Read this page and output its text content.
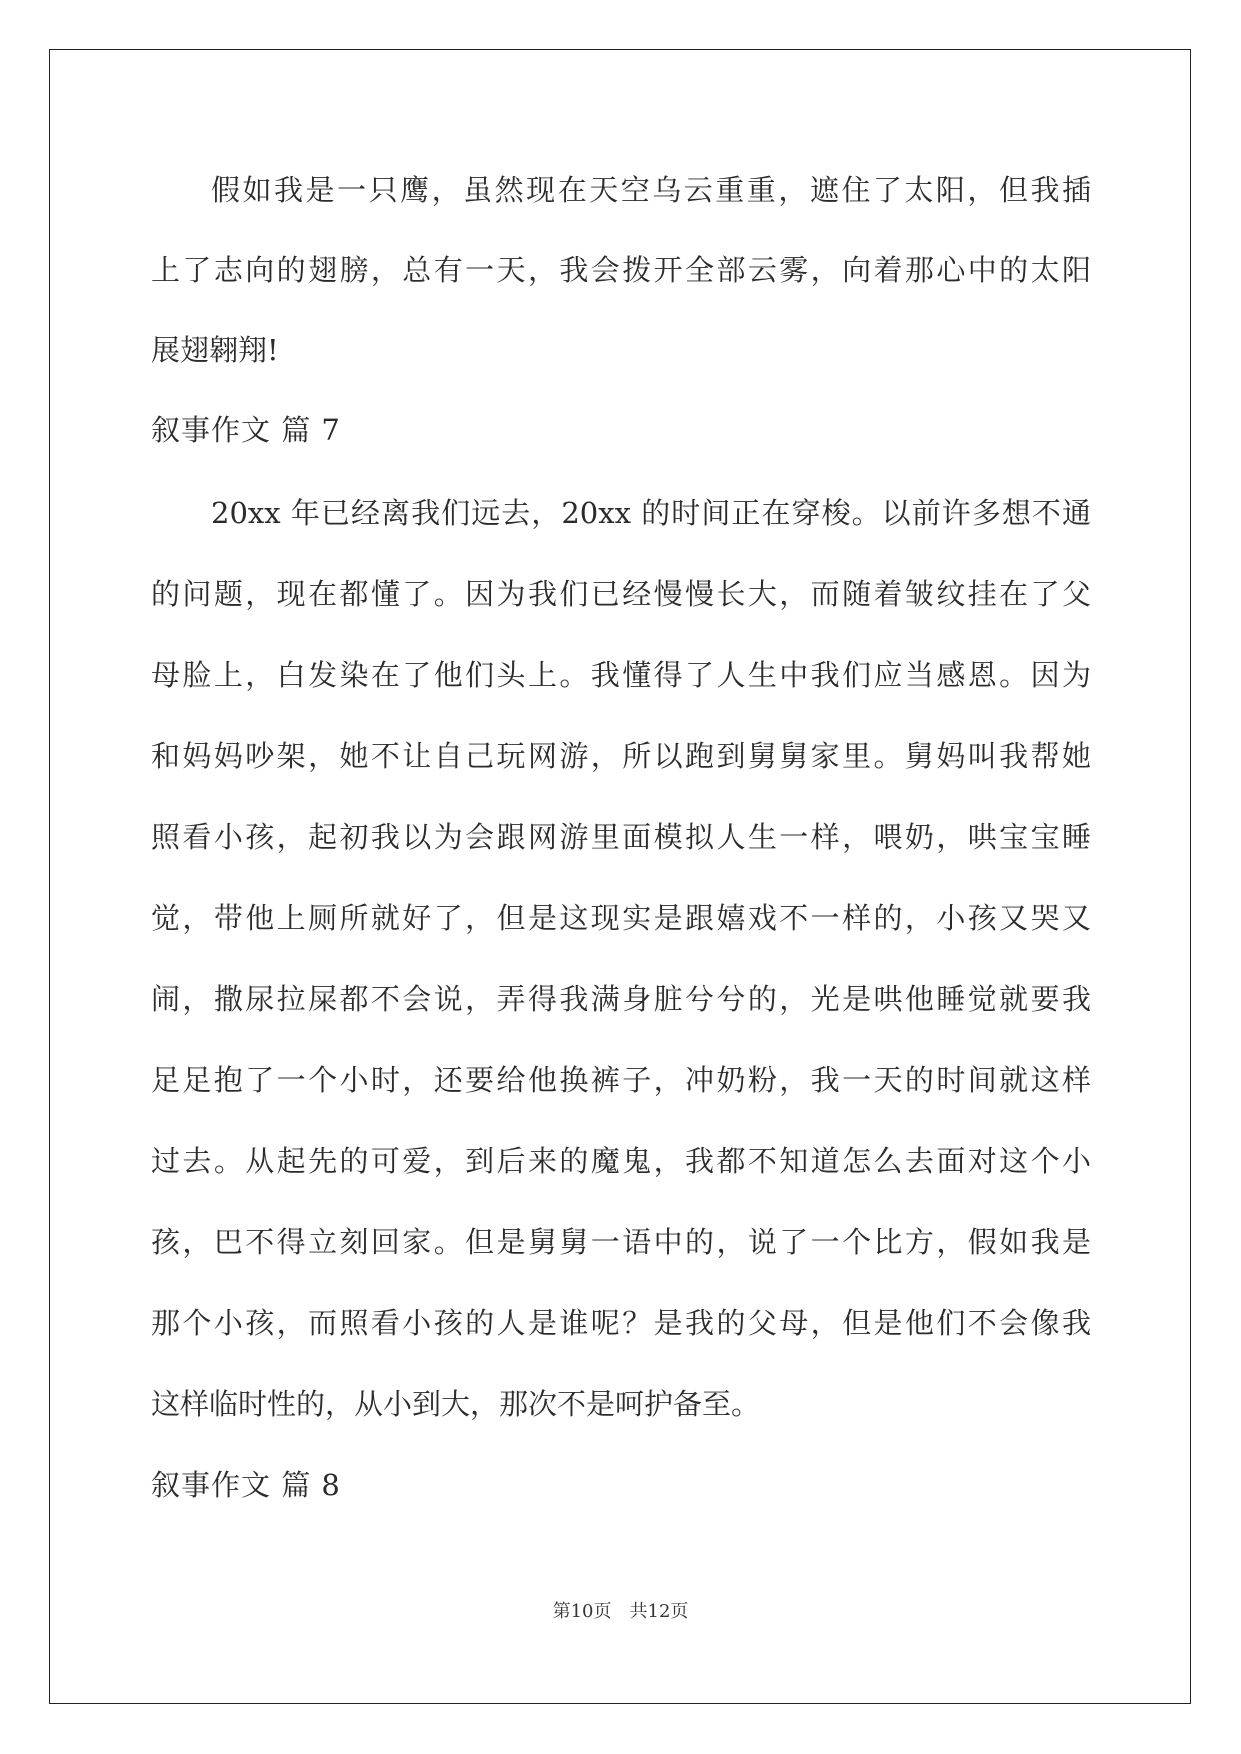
假如我是一只鹰，虽然现在天空乌云重重，遮住了太阳，但我插
上了志向的翅膀，总有一天，我会拨开全部云雾，向着那心中的太阳
展翅翱翔!
叙事作文 篇 7
20xx 年已经离我们远去，20xx 的时间正在穿梭。以前许多想不通
的问题，现在都懂了。因为我们已经慢慢长大，而随着皱纹挂在了父
母脸上，白发染在了他们头上。我懂得了人生中我们应当感恩。因为
和妈妈吵架，她不让自己玩网游，所以跑到舅舅家里。舅妈叫我帮她
照看小孩，起初我以为会跟网游里面模拟人生一样，喂奶，哄宝宝睡
觉，带他上厕所就好了，但是这现实是跟嬉戏不一样的，小孩又哭又
闹，撒尿拉屎都不会说，弄得我满身脏兮兮的，光是哄他睡觉就要我
足足抱了一个小时，还要给他换裤子，冲奶粉，我一天的时间就这样
过去。从起先的可爱，到后来的魔鬼，我都不知道怎么去面对这个小
孩，巴不得立刻回家。但是舅舅一语中的，说了一个比方，假如我是
那个小孩，而照看小孩的人是谁呢？是我的父母，但是他们不会像我
这样临时性的，从小到大，那次不是呵护备至。
叙事作文 篇 8
第10页　共12页
